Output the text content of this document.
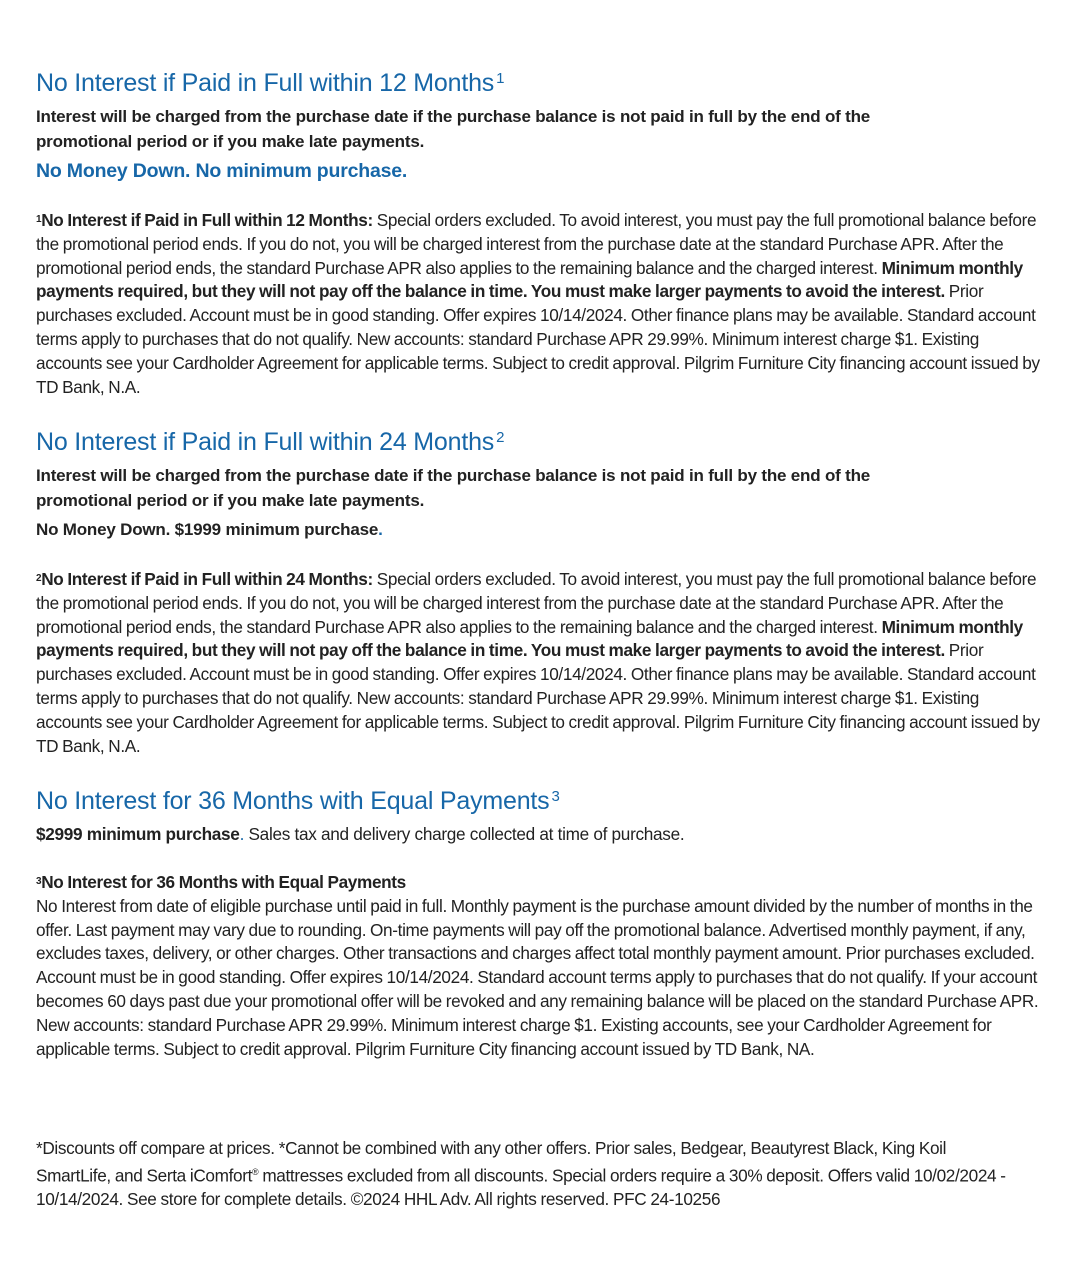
No Interest if Paid in Full within 12 Months $^1$

Interest will be charged from the purchase date if the purchase balance is not paid in full by the end of the promotional period or if you make late payments.

No Money Down. No minimum purchase.

$^1$No Interest if Paid in Full within 12 Months: Special orders excluded. To avoid interest, you must pay the full promotional balance before the promotional period ends. If you do not, you will be charged interest from the purchase date at the standard Purchase APR. After the promotional period ends, the standard Purchase APR also applies to the remaining balance and the charged interest. Minimum monthly payments required, but they will not pay off the balance in time. You must make larger payments to avoid the interest. Prior purchases excluded. Account must be in good standing. Offer expires 10/14/2024. Other finance plans may be available. Standard account terms apply to purchases that do not qualify. New accounts: standard Purchase APR 29.99%. Minimum interest charge $1. Existing accounts see your Cardholder Agreement for applicable terms. Subject to credit approval. Pilgrim Furniture City financing account issued by TD Bank, N.A.

No Interest if Paid in Full within 24 Months $^2$

Interest will be charged from the purchase date if the purchase balance is not paid in full by the end of the promotional period or if you make late payments.

No Money Down. $1999 minimum purchase.

$^2$No Interest if Paid in Full within 24 Months: Special orders excluded. To avoid interest, you must pay the full promotional balance before the promotional period ends. If you do not, you will be charged interest from the purchase date at the standard Purchase APR. After the promotional period ends, the standard Purchase APR also applies to the remaining balance and the charged interest. Minimum monthly payments required, but they will not pay off the balance in time. You must make larger payments to avoid the interest. Prior purchases excluded. Account must be in good standing. Offer expires 10/14/2024. Other finance plans may be available. Standard account terms apply to purchases that do not qualify. New accounts: standard Purchase APR 29.99%. Minimum interest charge $1. Existing accounts see your Cardholder Agreement for applicable terms. Subject to credit approval. Pilgrim Furniture City financing account issued by TD Bank, N.A.

No Interest for 36 Months with Equal Payments $^3$

$2999 minimum purchase. Sales tax and delivery charge collected at time of purchase.

$^3$No Interest for 36 Months with Equal Payments

No Interest from date of eligible purchase until paid in full. Monthly payment is the purchase amount divided by the number of months in the offer. Last payment may vary due to rounding. On-time payments will pay off the promotional balance. Advertised monthly payment, if any, excludes taxes, delivery, or other charges. Other transactions and charges affect total monthly payment amount. Prior purchases excluded. Account must be in good standing. Offer expires 10/14/2024. Standard account terms apply to purchases that do not qualify. If your account becomes 60 days past due your promotional offer will be revoked and any remaining balance will be placed on the standard Purchase APR. New accounts: standard Purchase APR 29.99%. Minimum interest charge $1. Existing accounts, see your Cardholder Agreement for applicable terms. Subject to credit approval. Pilgrim Furniture City financing account issued by TD Bank, NA.

*Discounts off compare at prices. *Cannot be combined with any other offers. Prior sales, Bedgear, Beautyrest Black, King Koil SmartLife, and Serta iComfort® mattresses excluded from all discounts. Special orders require a 30% deposit. Offers valid 10/02/2024 - 10/14/2024. See store for complete details. ©2024 HHL Adv. All rights reserved. PFC 24-10256
